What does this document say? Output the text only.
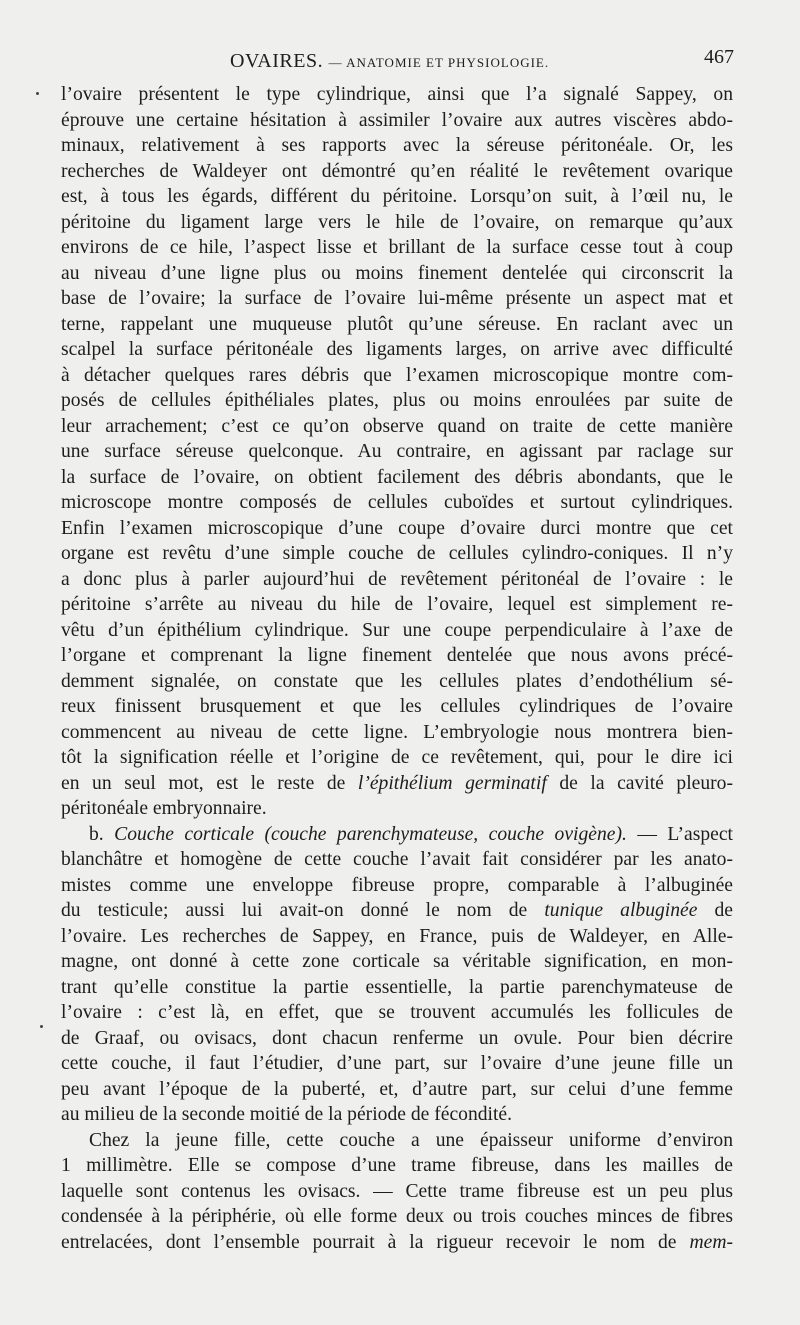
OVAIRES. — ANATOMIE ET PHYSIOLOGIE.	467
l’ovaire présentent le type cylindrique, ainsi que l’a signalé Sappey, on
éprouve une certaine hésitation à assimiler l’ovaire aux autres viscères abdo-
minaux, relativement à ses rapports avec la séreuse péritonéale. Or, les
recherches de Waldeyer ont démontré qu’en réalité le revêtement ovarique
est, à tous les égards, différent du péritoine. Lorsqu’on suit, à l’œil nu, le
péritoine du ligament large vers le hile de l’ovaire, on remarque qu’aux
environs de ce hile, l’aspect lisse et brillant de la surface cesse tout à coup
au niveau d’une ligne plus ou moins finement dentelée qui circonscrit la
base de l’ovaire; la surface de l’ovaire lui-même présente un aspect mat et
terne, rappelant une muqueuse plutôt qu’une séreuse. En raclant avec un
scalpel la surface péritonéale des ligaments larges, on arrive avec difficulté
à détacher quelques rares débris que l’examen microscopique montre com-
posés de cellules épithéliales plates, plus ou moins enroulées par suite de
leur arrachement; c’est ce qu’on observe quand on traite de cette manière
une surface séreuse quelconque. Au contraire, en agissant par raclage sur
la surface de l’ovaire, on obtient facilement des débris abondants, que le
microscope montre composés de cellules cuboïdes et surtout cylindriques.
Enfin l’examen microscopique d’une coupe d’ovaire durci montre que cet
organe est revêtu d’une simple couche de cellules cylindro-coniques. Il n’y
a donc plus à parler aujourd’hui de revêtement péritonéal de l’ovaire : le
péritoine s’arrête au niveau du hile de l’ovaire, lequel est simplement re-
vêtu d’un épithélium cylindrique. Sur une coupe perpendiculaire à l’axe de
l’organe et comprenant la ligne finement dentelée que nous avons précé-
demment signalée, on constate que les cellules plates d’endothélium sé-
reux finissent brusquement et que les cellules cylindriques de l’ovaire
commencent au niveau de cette ligne. L’embryologie nous montrera bien-
tôt la signification réelle et l’origine de ce revêtement, qui, pour le dire ici
en un seul mot, est le reste de l’épithélium germinatif de la cavité pleuro-
péritonéale embryonnaire.
b. Couche corticale (couche parenchymateuse, couche ovigène). — L’aspect
blanchâtre et homogène de cette couche l’avait fait considérer par les anato-
mistes comme une enveloppe fibreuse propre, comparable à l’albuginée
du testicule; aussi lui avait-on donné le nom de tunique albuginée de
l’ovaire. Les recherches de Sappey, en France, puis de Waldeyer, en Alle-
magne, ont donné à cette zone corticale sa véritable signification, en mon-
trant qu’elle constitue la partie essentielle, la partie parenchymateuse de
l’ovaire : c’est là, en effet, que se trouvent accumulés les follicules de
de Graaf, ou ovisacs, dont chacun renferme un ovule. Pour bien décrire
cette couche, il faut l’étudier, d’une part, sur l’ovaire d’une jeune fille un
peu avant l’époque de la puberté, et, d’autre part, sur celui d’une femme
au milieu de la seconde moitié de la période de fécondité.
Chez la jeune fille, cette couche a une épaisseur uniforme d’environ
1 millimètre. Elle se compose d’une trame fibreuse, dans les mailles de
laquelle sont contenus les ovisacs. — Cette trame fibreuse est un peu plus
condensée à la périphérie, où elle forme deux ou trois couches minces de fibres
entrelacées, dont l’ensemble pourrait à la rigueur recevoir le nom de mem-
